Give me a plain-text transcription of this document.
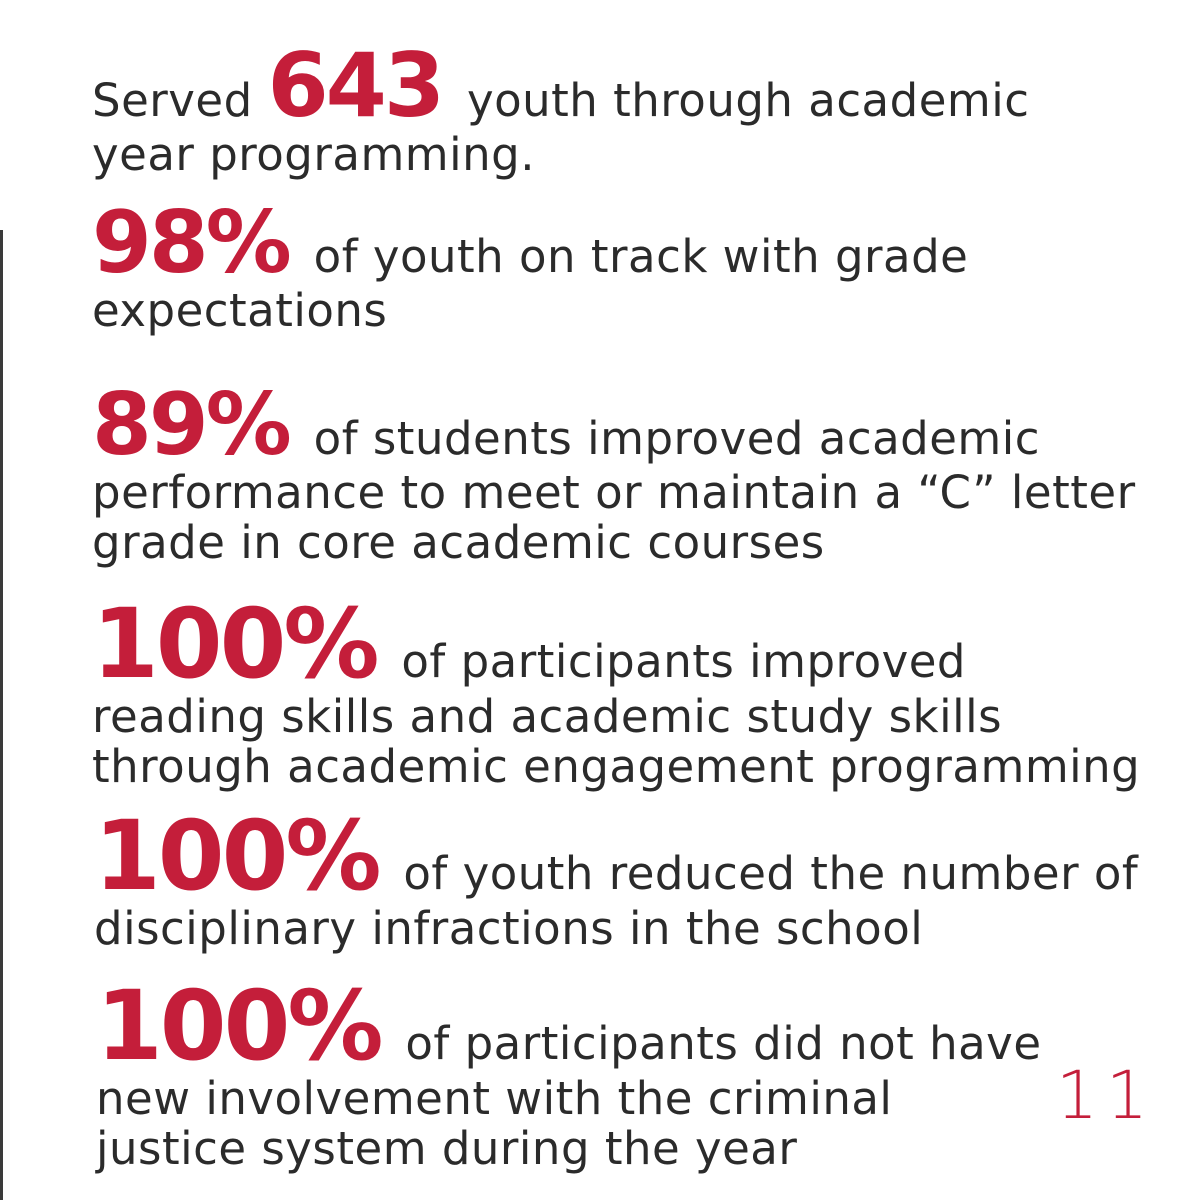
Served 643 youth through academic year programming.
98% of youth on track with grade expectations
89% of students improved academic performance to meet or maintain a “C” letter grade in core academic courses
100% of participants improved reading skills and academic study skills through academic engagement programming
100% of youth reduced the number of disciplinary infractions in the school
100% of participants did not have new involvement with the criminal justice system during the year
11
